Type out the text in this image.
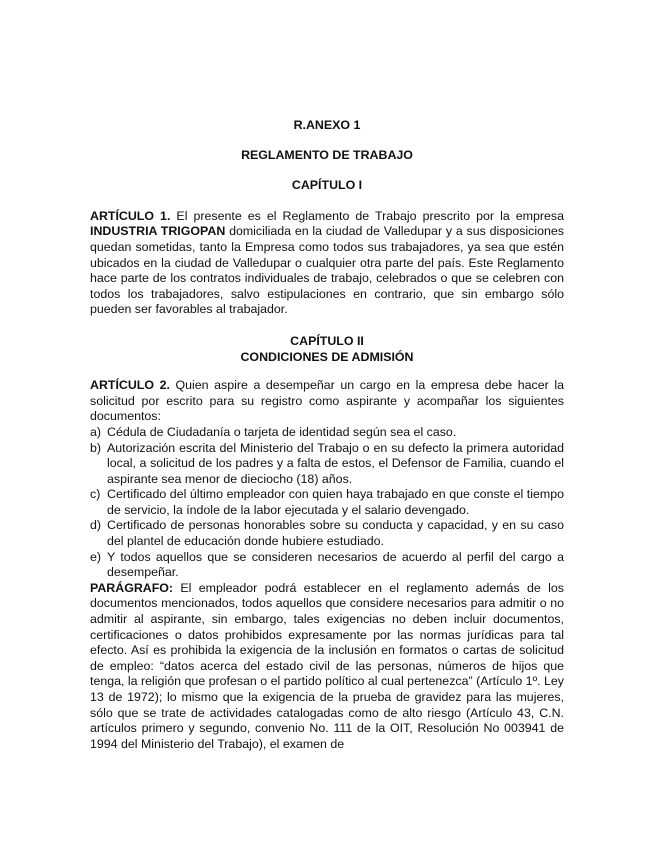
R.ANEXO 1

REGLAMENTO DE TRABAJO

CAPÍTULO I

ARTÍCULO 1. El presente es el Reglamento de Trabajo prescrito por la empresa INDUSTRIA TRIGOPAN domiciliada en la ciudad de Valledupar y a sus disposiciones quedan sometidas, tanto la Empresa como todos sus trabajadores, ya sea que estén ubicados en la ciudad de Valledupar o cualquier otra parte del país. Este Reglamento hace parte de los contratos individuales de trabajo, celebrados o que se celebren con todos los trabajadores, salvo estipulaciones en contrario, que sin embargo sólo pueden ser favorables al trabajador.

CAPÍTULO II

CONDICIONES DE ADMISIÓN

ARTÍCULO 2. Quien aspire a desempeñar un cargo en la empresa debe hacer la solicitud por escrito para su registro como aspirante y acompañar los siguientes documentos:

a) Cédula de Ciudadanía o tarjeta de identidad según sea el caso.
b) Autorización escrita del Ministerio del Trabajo o en su defecto la primera autoridad local, a solicitud de los padres y a falta de estos, el Defensor de Familia, cuando el aspirante sea menor de dieciocho (18) años.
c) Certificado del último empleador con quien haya trabajado en que conste el tiempo de servicio, la índole de la labor ejecutada y el salario devengado.
d) Certificado de personas honorables sobre su conducta y capacidad, y en su caso del plantel de educación donde hubiere estudiado.
e) Y todos aquellos que se consideren necesarios de acuerdo al perfil del cargo a desempeñar.

PARÁGRAFO: El empleador podrá establecer en el reglamento además de los documentos mencionados, todos aquellos que considere necesarios para admitir o no admitir al aspirante, sin embargo, tales exigencias no deben incluir documentos, certificaciones o datos prohibidos expresamente por las normas jurídicas para tal efecto. Así es prohibida la exigencia de la inclusión en formatos o cartas de solicitud de empleo: “datos acerca del estado civil de las personas, números de hijos que tenga, la religión que profesan o el partido político al cual pertenezca” (Artículo 1º. Ley 13 de 1972); lo mismo que la exigencia de la prueba de gravidez para las mujeres, sólo que se trate de actividades catalogadas como de alto riesgo (Artículo 43, C.N. artículos primero y segundo, convenio No. 111 de la OIT, Resolución No 003941 de 1994 del Ministerio del Trabajo), el examen de
